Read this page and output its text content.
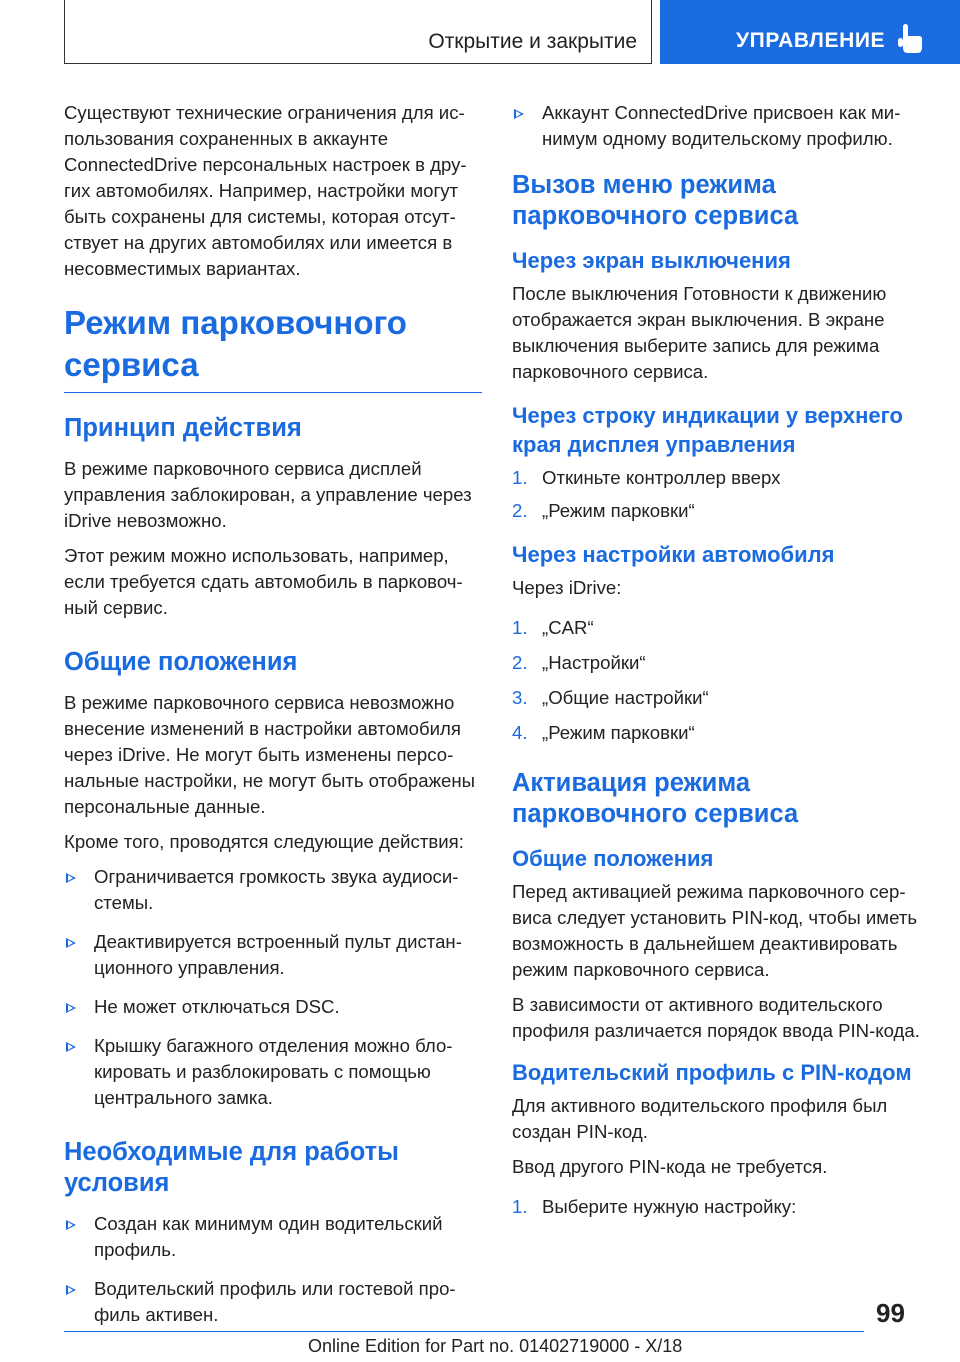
Открытие и закрытие	УПРАВЛЕНИЕ

Существуют технические ограничения для использования сохраненных в аккаунте ConnectedDrive персональных настроек в других автомобилях. Например, настройки могут быть сохранены для системы, которая отсутствует на других автомобилях или имеется в несовместимых вариантах.

Режим парковочного сервиса
Принцип действия

В режиме парковочного сервиса дисплей управления заблокирован, а управление через iDrive невозможно.

Этот режим можно использовать, например, если требуется сдать автомобиль в парковочный сервис.

Общие положения

В режиме парковочного сервиса невозможно внесение изменений в настройки автомобиля через iDrive. Не могут быть изменены персональные настройки, не могут быть отображены персональные данные.

Кроме того, проводятся следующие действия:

Ограничивается громкость звука аудиосистемы.
Деактивируется встроенный пульт дистанционного управления.
Не может отключаться DSC.
Крышку багажного отделения можно блокировать и разблокировать с помощью центрального замка.
Необходимые для работы условия
Создан как минимум один водительский профиль.
Водительский профиль или гостевой профиль активен.
Аккаунт ConnectedDrive присвоен как минимум одному водительскому профилю.
Вызов меню режима парковочного сервиса
Через экран выключения

После выключения Готовности к движению отображается экран выключения. В экране выключения выберите запись для режима парковочного сервиса.

Через строку индикации у верхнего края дисплея управления
1. Откиньте контроллер вверх
2. „Режим парковки“
Через настройки автомобиля

Через iDrive:

1. „CAR“
2. „Настройки“
3. „Общие настройки“
4. „Режим парковки“
Активация режима парковочного сервиса
Общие положения

Перед активацией режима парковочного сервиса следует установить PIN-код, чтобы иметь возможность в дальнейшем деактивировать режим парковочного сервиса.

В зависимости от активного водительского профиля различается порядок ввода PIN-кода.

Водительский профиль с PIN-кодом

Для активного водительского профиля был создан PIN-код.

Ввод другого PIN-кода не требуется.

1. Выберите нужную настройку:
99
Online Edition for Part no. 01402719000 - X/18
